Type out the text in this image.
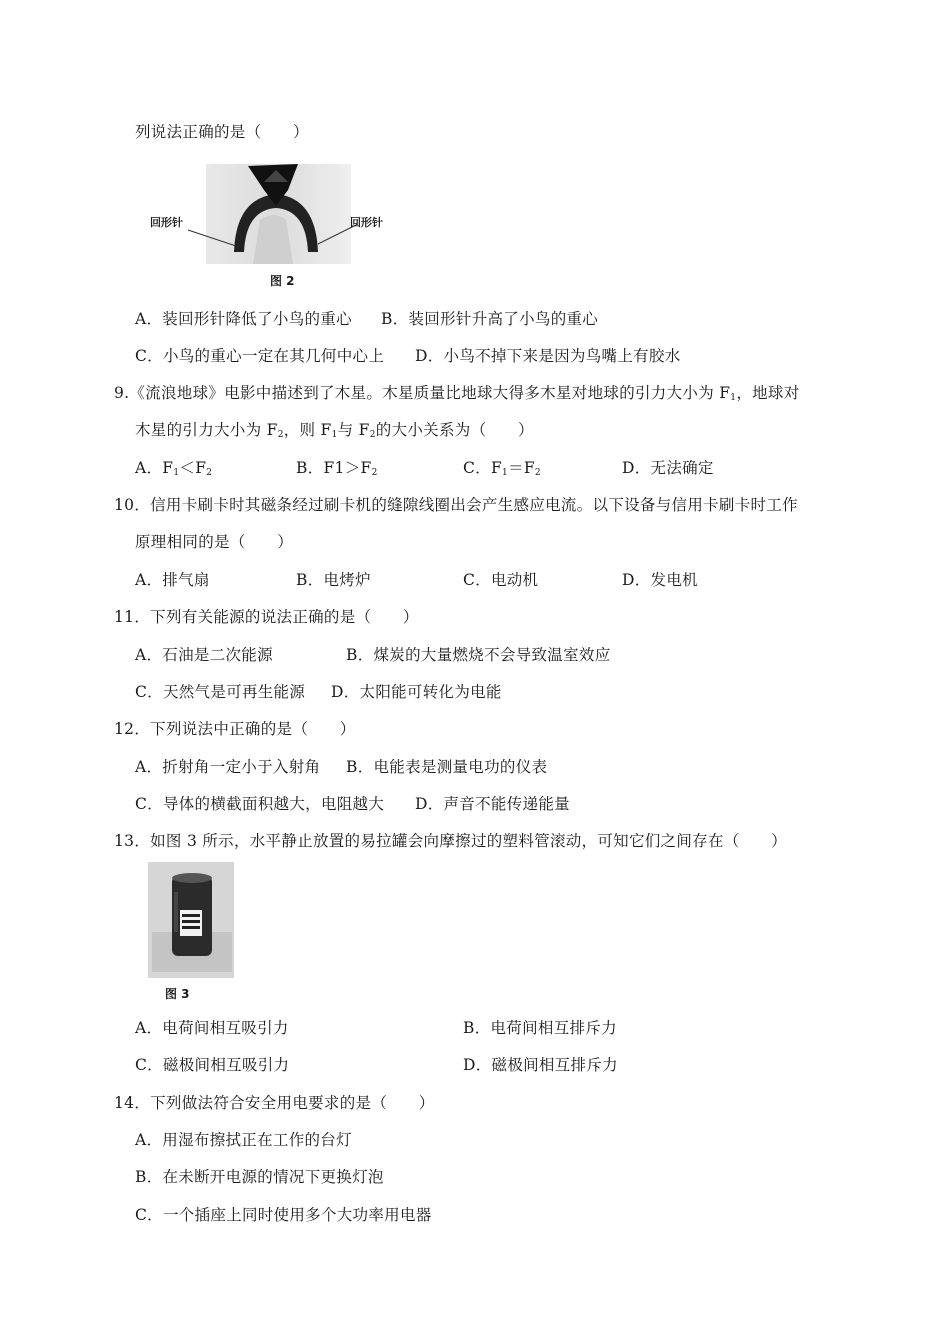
列说法正确的是（　　）
回形针	回形针
图 2
A．装回形针降低了小鸟的重心 B．装回形针升高了小鸟的重心
C．小鸟的重心一定在其几何中心上 D．小鸟不掉下来是因为鸟嘴上有胶水
9.《流浪地球》电影中描述到了木星。木星质量比地球大得多木星对地球的引力大小为 $F_1$，地球对
木星的引力大小为 $F_2$，则 $F_1$与 $F_2$的大小关系为（　　）
A．$F_1<F_2$	B．$F1>F_2$	C．$F_1=F_2$	D．无法确定
10．信用卡刷卡时其磁条经过刷卡机的缝隙线圈出会产生感应电流。以下设备与信用卡刷卡时工作
原理相同的是（　　）
A．排气扇	B．电烤炉	C．电动机	D．发电机
11．下列有关能源的说法正确的是（　　）
A．石油是二次能源	B．煤炭的大量燃烧不会导致温室效应
C．天然气是可再生能源 D．太阳能可转化为电能
12．下列说法中正确的是（　　）
A．折射角一定小于入射角 B．电能表是测量电功的仪表
C．导体的横截面积越大，电阻越大 D．声音不能传递能量
13．如图 3 所示，水平静止放置的易拉罐会向摩擦过的塑料管滚动，可知它们之间存在（　　）
图 3
A．电荷间相互吸引力	B．电荷间相互排斥力
C．磁极间相互吸引力	D．磁极间相互排斥力
14．下列做法符合安全用电要求的是（　　）
A．用湿布擦拭正在工作的台灯
B．在未断开电源的情况下更换灯泡
C．一个插座上同时使用多个大功率用电器
